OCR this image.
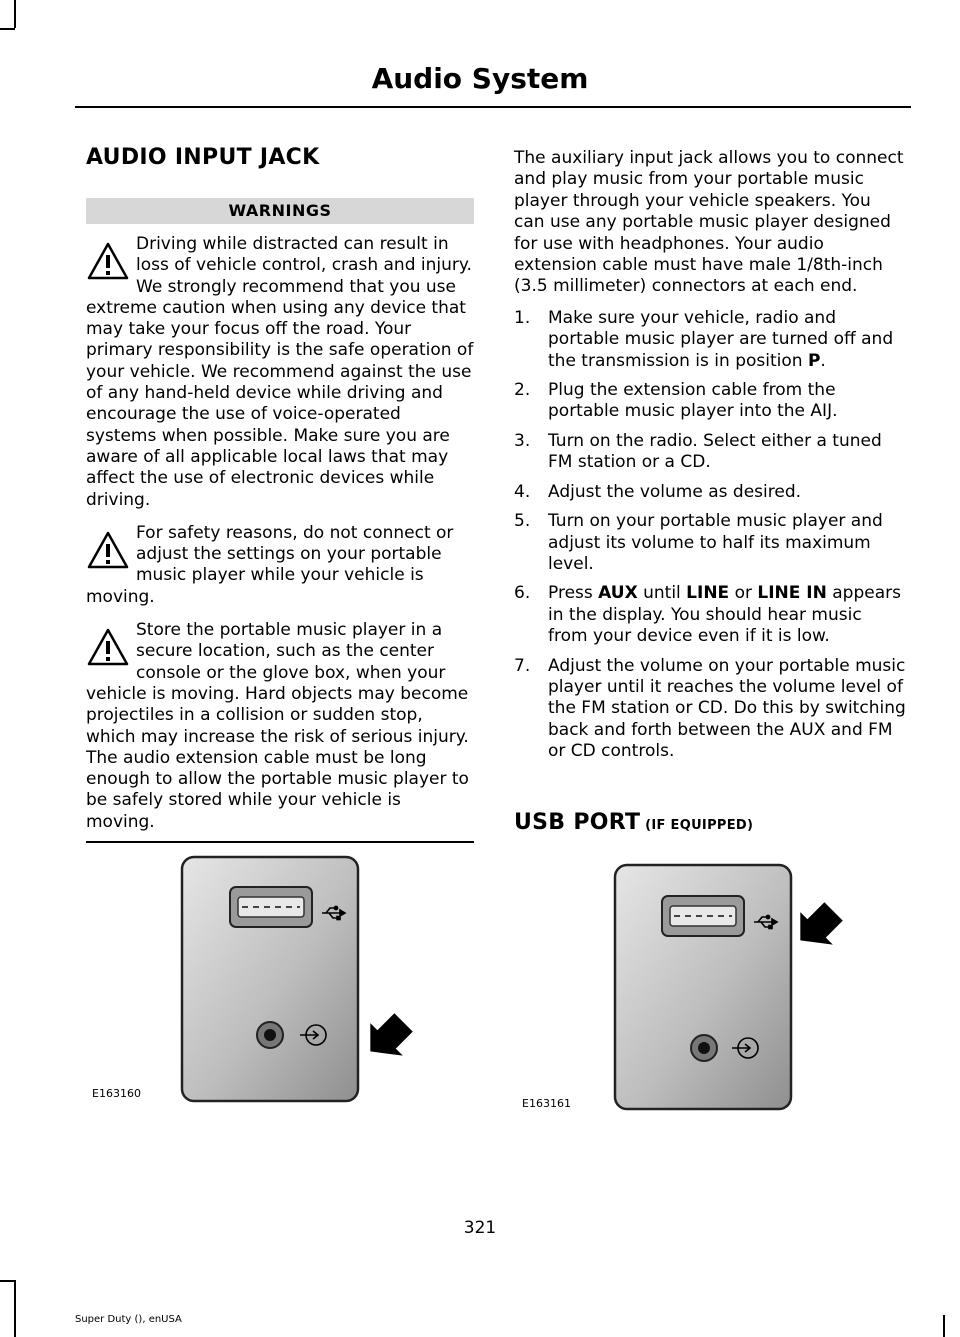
Audio System
AUDIO INPUT JACK
WARNINGS

Driving while distracted can result in loss of vehicle control, crash and injury. We strongly recommend that you use extreme caution when using any device that may take your focus off the road. Your primary responsibility is the safe operation of your vehicle. We recommend against the use of any hand-held device while driving and encourage the use of voice-operated systems when possible. Make sure you are aware of all applicable local laws that may affect the use of electronic devices while driving.

For safety reasons, do not connect or adjust the settings on your portable music player while your vehicle is moving.

Store the portable music player in a secure location, such as the center console or the glove box, when your vehicle is moving. Hard objects may become projectiles in a collision or sudden stop, which may increase the risk of serious injury. The audio extension cable must be long enough to allow the portable music player to be safely stored while your vehicle is moving.

The auxiliary input jack allows you to connect and play music from your portable music player through your vehicle speakers. You can use any portable music player designed for use with headphones. Your audio extension cable must have male 1/8th-inch (3.5 millimeter) connectors at each end.

1. Make sure your vehicle, radio and portable music player are turned off and the transmission is in position P.
2. Plug the extension cable from the portable music player into the AIJ.
3. Turn on the radio. Select either a tuned FM station or a CD.
4. Adjust the volume as desired.
5. Turn on your portable music player and adjust its volume to half its maximum level.
6. Press AUX until LINE or LINE IN appears in the display. You should hear music from your device even if it is low.
7. Adjust the volume on your portable music player until it reaches the volume level of the FM station or CD. Do this by switching back and forth between the AUX and FM or CD controls.
USB PORT (IF EQUIPPED)
E163160
E163161
321
Super Duty (), enUSA
